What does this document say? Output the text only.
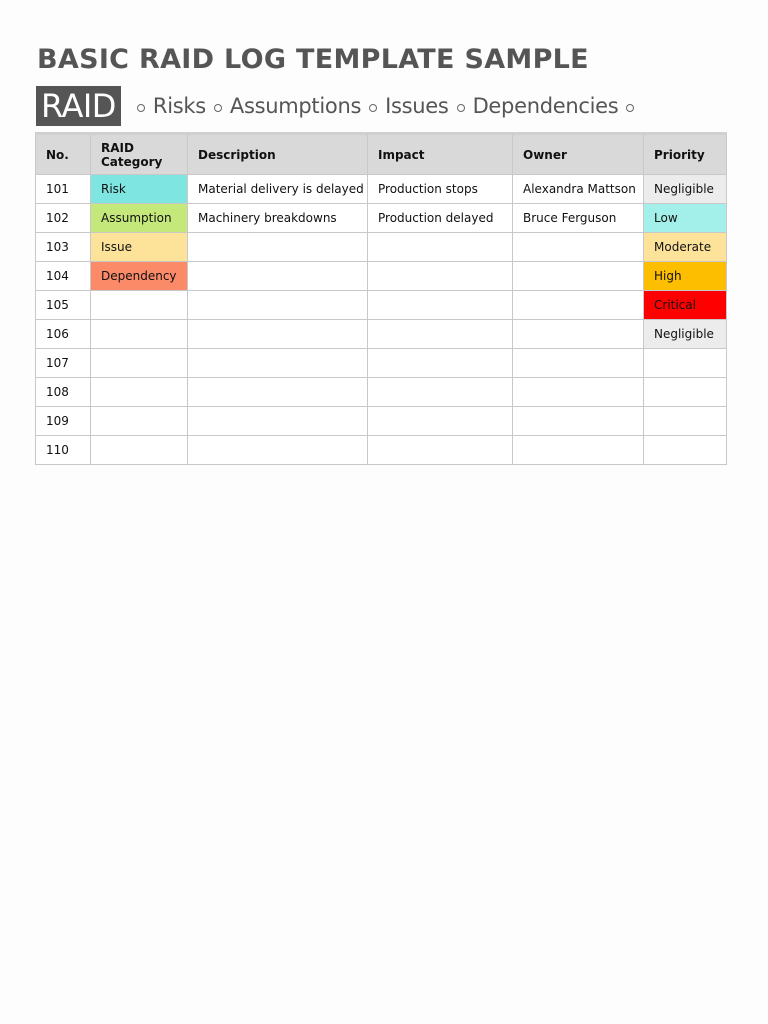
BASIC RAID LOG TEMPLATE SAMPLE
RAID Risks Assumptions Issues Dependencies
No.	RAID Category	Description	Impact	Owner	Priority
101	Risk	Material delivery is delayed	Production stops	Alexandra Mattson	Negligible
102	Assumption	Machinery breakdowns	Production delayed	Bruce Ferguson	Low
103	Issue				Moderate
104	Dependency				High
105					Critical
106					Negligible
107					
108					
109					
110					
